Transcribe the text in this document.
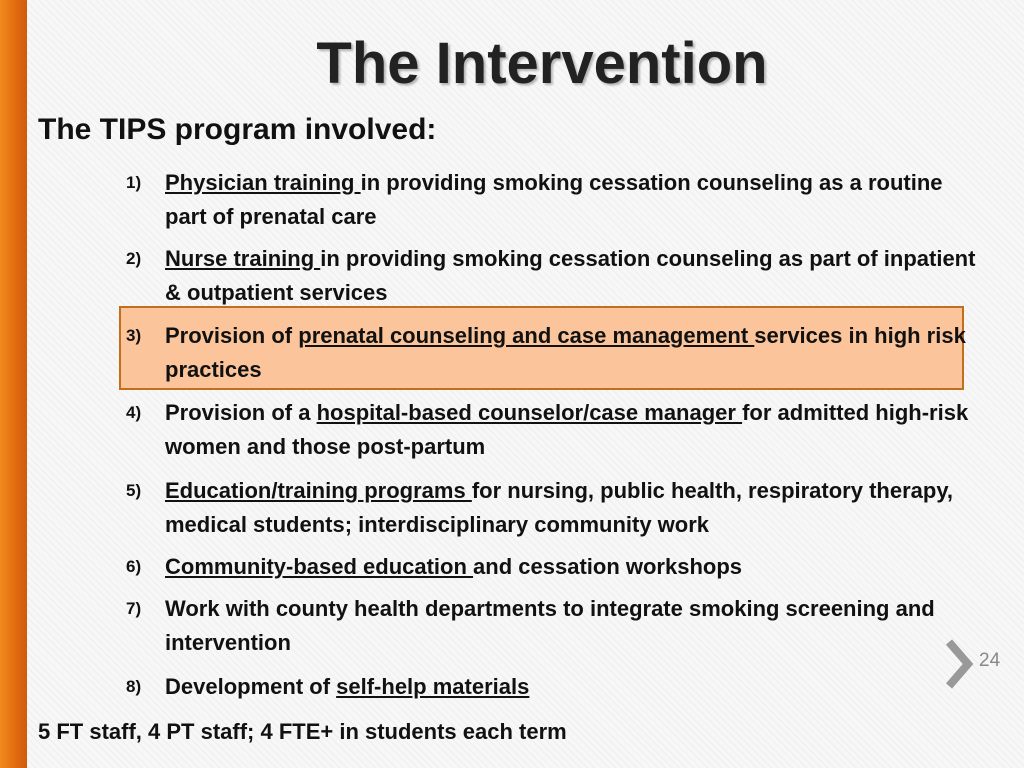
The Intervention
The TIPS program involved:
1)	Physician training in providing smoking cessation counseling as a routine part of prenatal care
2)	Nurse training in providing smoking cessation counseling as part of inpatient & outpatient services
3)	Provision of prenatal counseling and case management services in high risk practices
4)	Provision of a hospital-based counselor/case manager for admitted high-risk women and those post-partum
5)	Education/training programs for nursing, public health, respiratory therapy, medical students; interdisciplinary community work
6)	Community-based education and cessation workshops
7)	Work with county health departments to integrate smoking screening and intervention
8)	Development of self-help materials
5 FT staff, 4 PT staff; 4 FTE+ in students each term
24
